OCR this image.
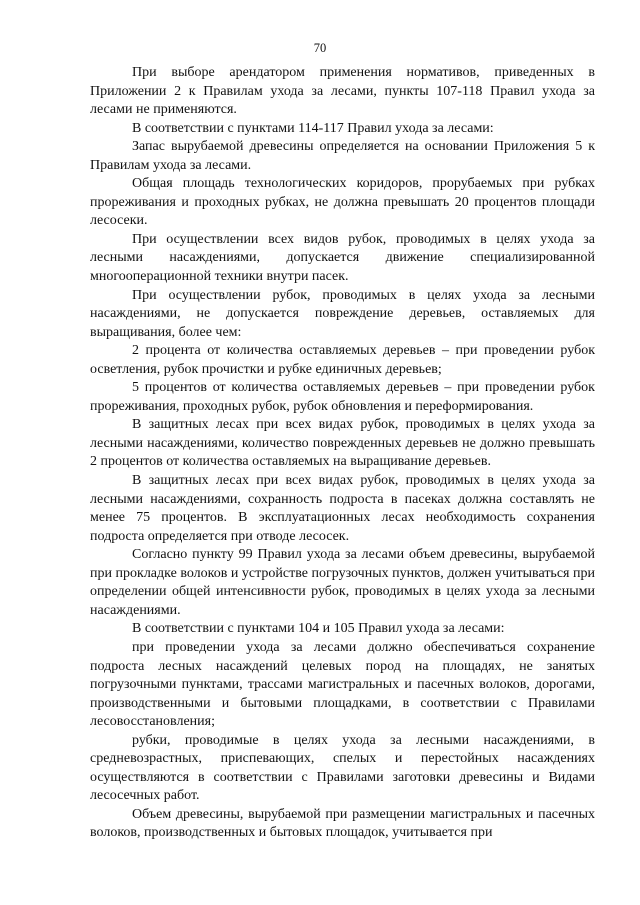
70

При выборе арендатором применения нормативов, приведенных в Приложении 2 к Правилам ухода за лесами, пункты 107-118 Правил ухода за лесами не применяются.

В соответствии с пунктами 114-117 Правил ухода за лесами:

Запас вырубаемой древесины определяется на основании Приложения 5 к Правилам ухода за лесами.

Общая площадь технологических коридоров, прорубаемых при рубках прореживания и проходных рубках, не должна превышать 20 процентов площади лесосеки.

При осуществлении всех видов рубок, проводимых в целях ухода за лесными насаждениями, допускается движение специализированной многооперационной техники внутри пасек.

При осуществлении рубок, проводимых в целях ухода за лесными насаждениями, не допускается повреждение деревьев, оставляемых для выращивания, более чем:

2 процента от количества оставляемых деревьев – при проведении рубок осветления, рубок прочистки и рубке единичных деревьев;

5 процентов от количества оставляемых деревьев – при проведении рубок прореживания, проходных рубок, рубок обновления и переформирования.

В защитных лесах при всех видах рубок, проводимых в целях ухода за лесными насаждениями, количество поврежденных деревьев не должно превышать 2 процентов от количества оставляемых на выращивание деревьев.

В защитных лесах при всех видах рубок, проводимых в целях ухода за лесными насаждениями, сохранность подроста в пасеках должна составлять не менее 75 процентов. В эксплуатационных лесах необходимость сохранения подроста определяется при отводе лесосек.

Согласно пункту 99 Правил ухода за лесами объем древесины, вырубаемой при прокладке волоков и устройстве погрузочных пунктов, должен учитываться при определении общей интенсивности рубок, проводимых в целях ухода за лесными насаждениями.

В соответствии с пунктами 104 и 105 Правил ухода за лесами:

при проведении ухода за лесами должно обеспечиваться сохранение подроста лесных насаждений целевых пород на площадях, не занятых погрузочными пунктами, трассами магистральных и пасечных волоков, дорогами, производственными и бытовыми площадками, в соответствии с Правилами лесовосстановления;

рубки, проводимые в целях ухода за лесными насаждениями, в средневозрастных, приспевающих, спелых и перестойных насаждениях осуществляются в соответствии с Правилами заготовки древесины и Видами лесосечных работ.

Объем древесины, вырубаемой при размещении магистральных и пасечных волоков, производственных и бытовых площадок, учитывается при
